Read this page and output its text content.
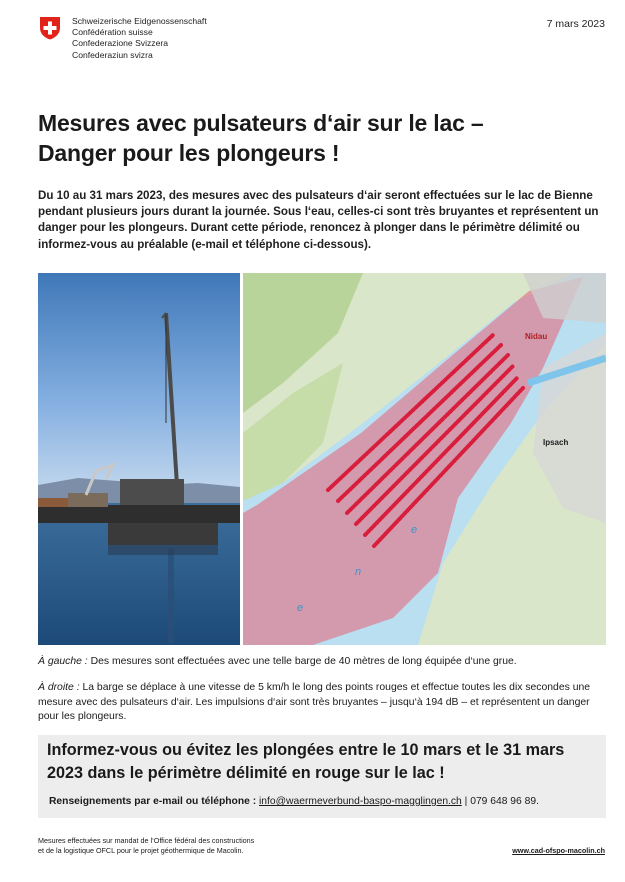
Schweizerische Eidgenossenschaft
Confédération suisse
Confederazione Svizzera
Confederaziun svizra
7 mars 2023
Mesures avec pulsateurs d‘air sur le lac –
Danger pour les plongeurs !
Du 10 au 31 mars 2023, des mesures avec des pulsateurs d‘air seront effectuées sur le lac de Bienne pendant plusieurs jours durant la journée. Sous l‘eau, celles-ci sont très bruyantes et représentent un danger pour les plongeurs. Durant cette période, renoncez à plonger dans le périmètre délimité ou informez-vous au préalable (e-mail et téléphone ci-dessous).
Nidau
Ipsach
e
n
e
À gauche : Des mesures sont effectuées avec une telle barge de 40 mètres de long équipée d‘une grue.
À droite : La barge se déplace à une vitesse de 5 km/h le long des points rouges et effectue toutes les dix secondes une mesure avec des pulsateurs d‘air. Les impulsions d‘air sont très bruyantes – jusqu‘à 194 dB – et représentent un danger pour les plongeurs.
Informez-vous ou évitez les plongées entre le 10 mars et le 31 mars 2023 dans le périmètre délimité en rouge sur le lac !
Renseignements par e-mail ou téléphone : info@waermeverbund-baspo-magglingen.ch | 079 648 96 89.
Mesures effectuées sur mandat de l‘Office fédéral des constructions
et de la logistique OFCL pour le projet géothermique de Macolin.	www.cad-ofspo-macolin.ch
